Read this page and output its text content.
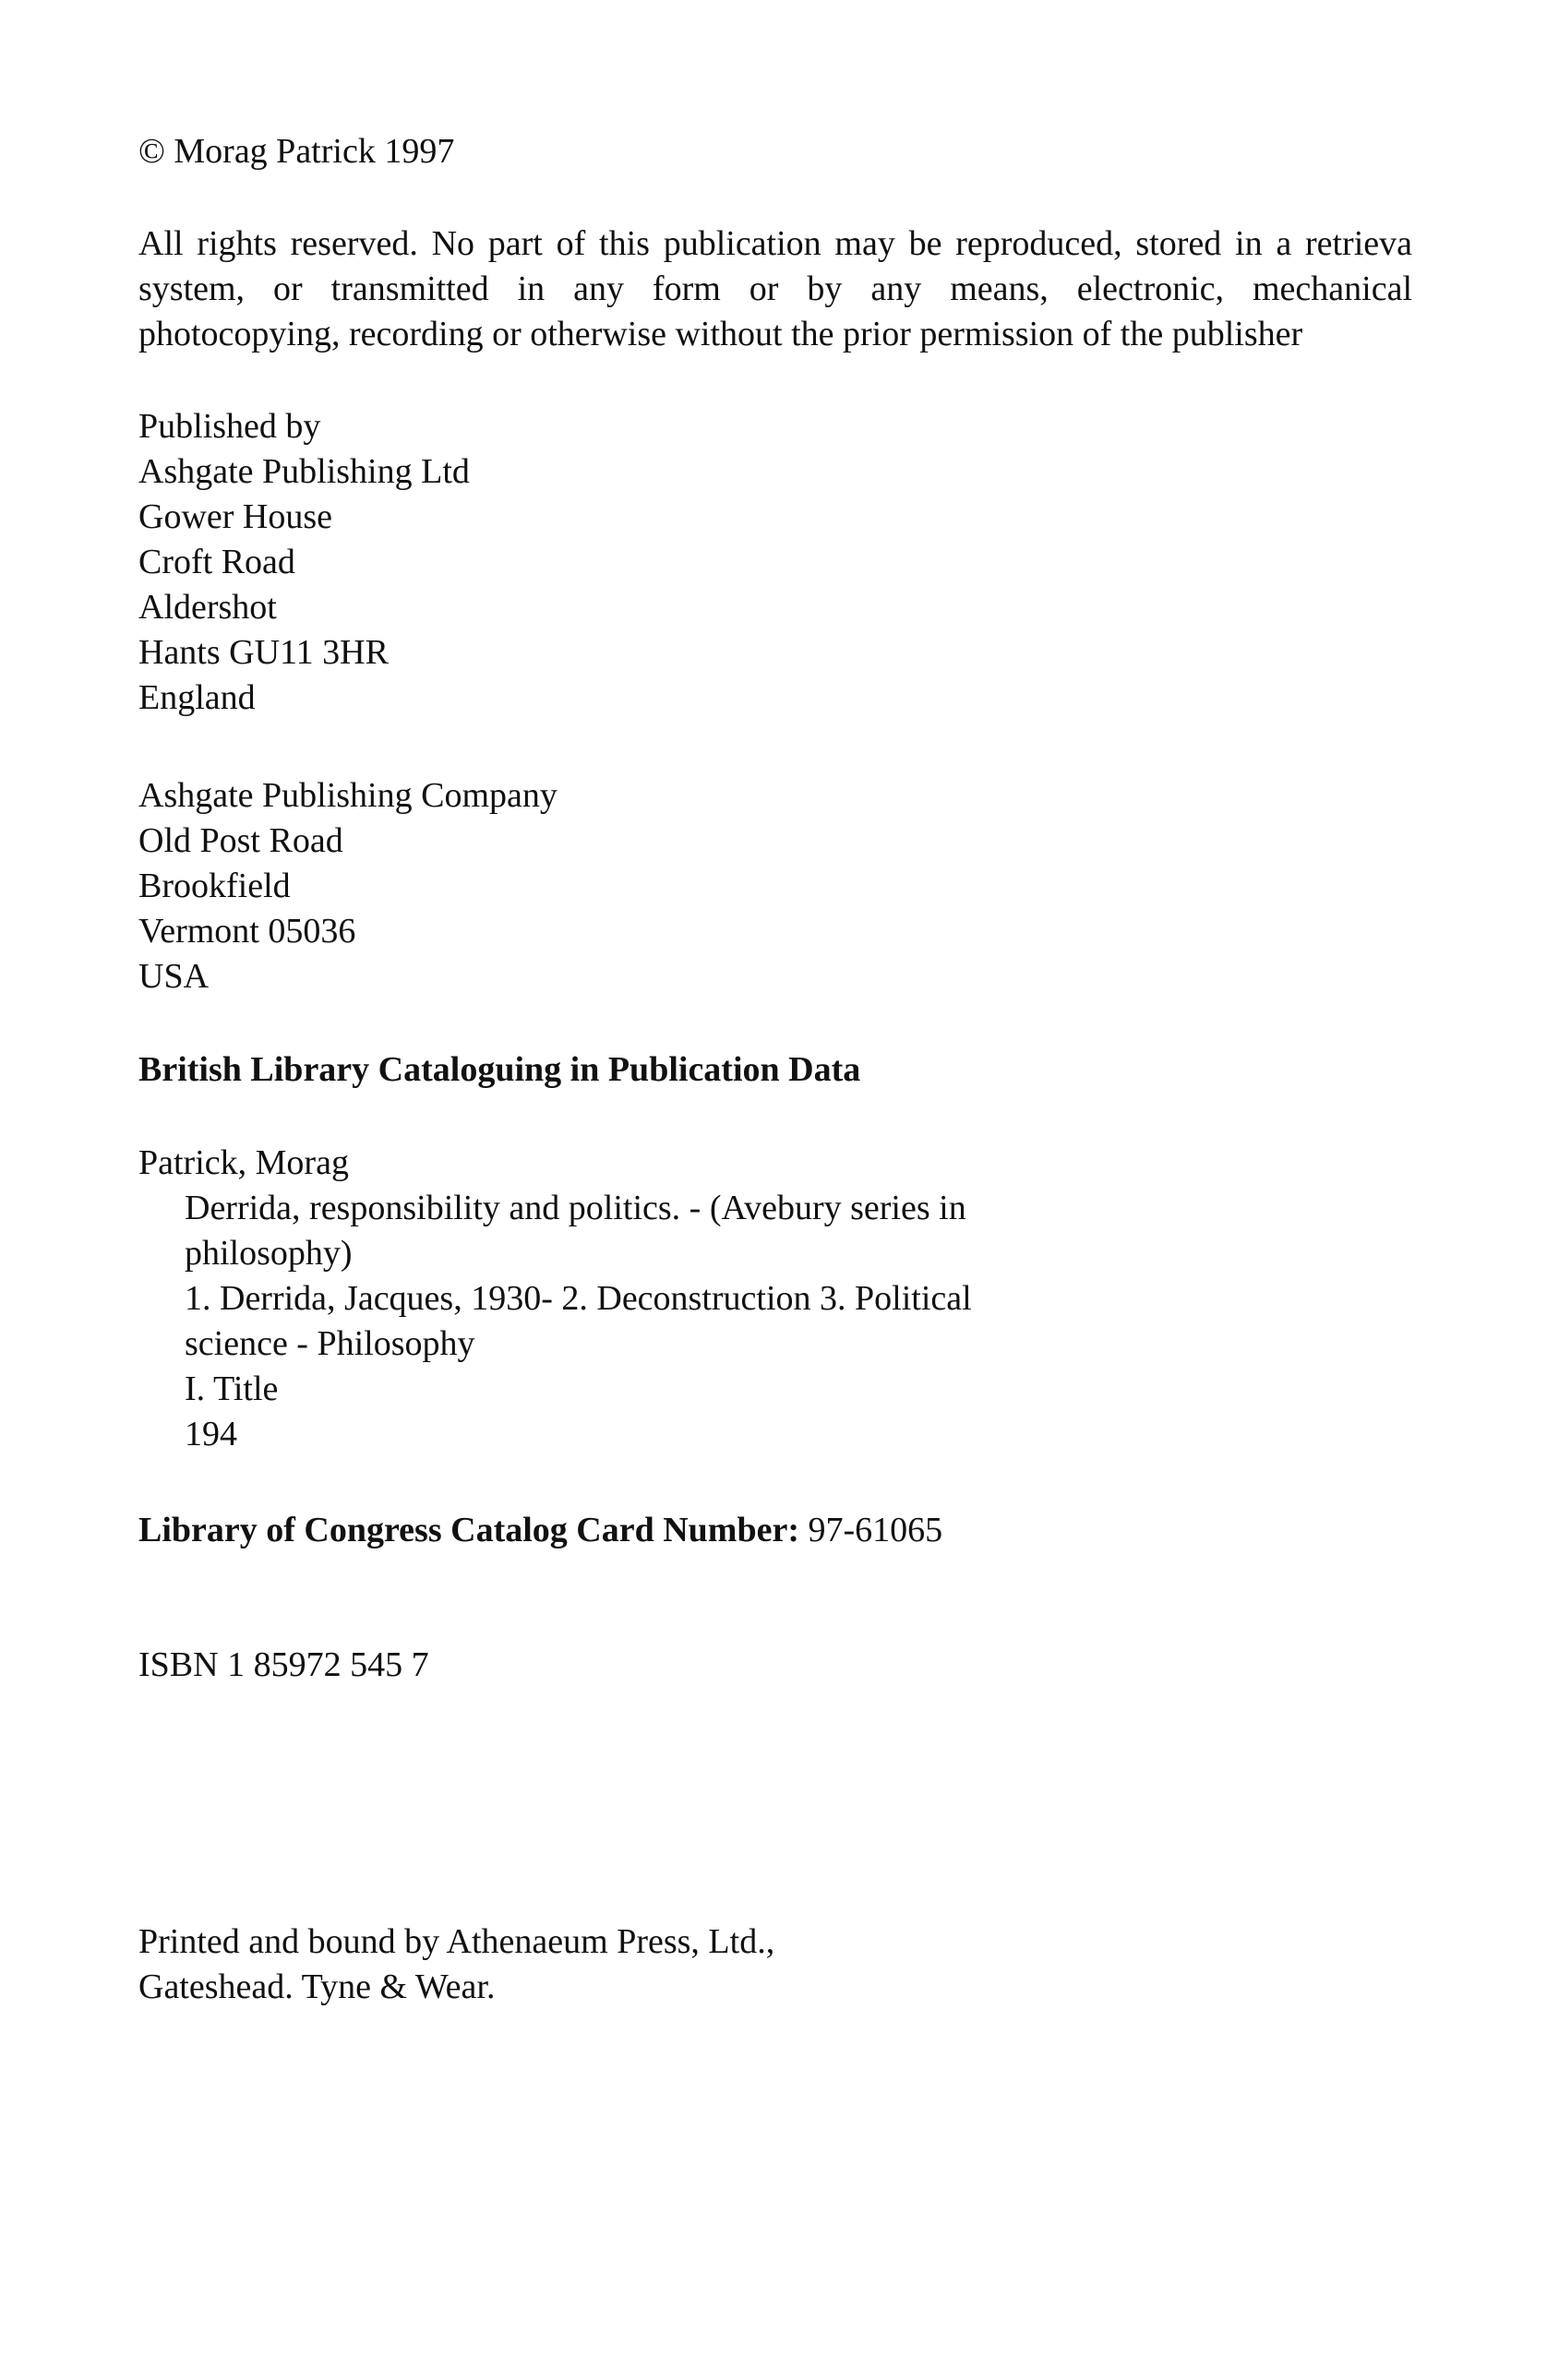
© Morag Patrick 1997
All rights reserved. No part of this publication may be reproduced, stored in a retrieva
system, or transmitted in any form or by any means, electronic, mechanical
photocopying, recording or otherwise without the prior permission of the publisher
Published by
Ashgate Publishing Ltd
Gower House
Croft Road
Aldershot
Hants GU11 3HR
England
Ashgate Publishing Company
Old Post Road
Brookfield
Vermont 05036
USA
British Library Cataloguing in Publication Data
Patrick, Morag
Derrida, responsibility and politics. - (Avebury series in
philosophy)
1. Derrida, Jacques, 1930- 2. Deconstruction 3. Political
science - Philosophy
I. Title
194
Library of Congress Catalog Card Number: 97-61065
ISBN 1 85972 545 7
Printed and bound by Athenaeum Press, Ltd.,
Gateshead. Tyne & Wear.
